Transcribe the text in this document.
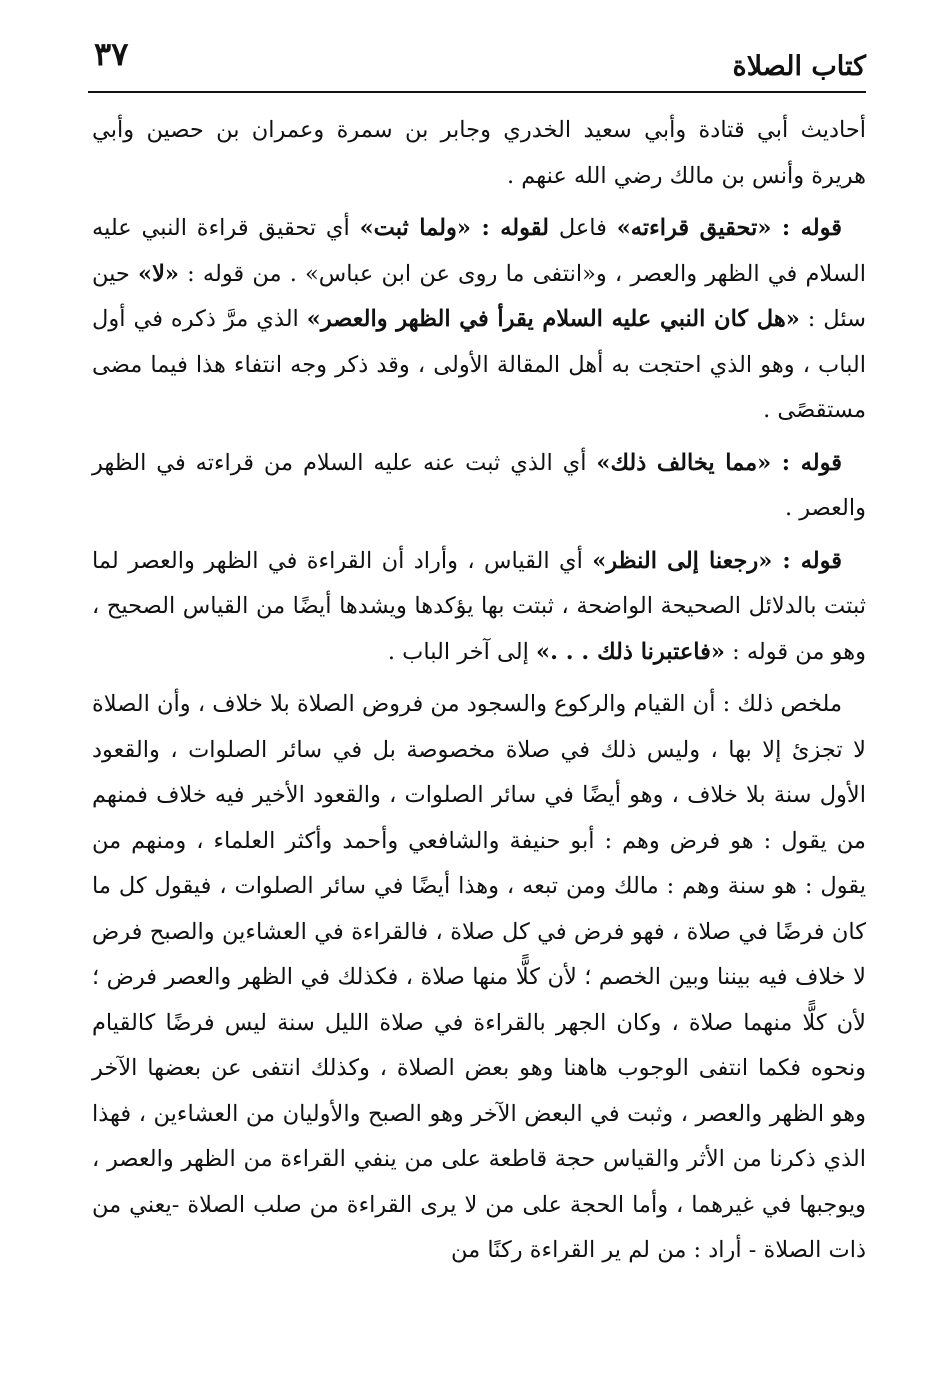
كتاب الصلاة
٣٧

أحاديث أبي قتادة وأبي سعيد الخدري وجابر بن سمرة وعمران بن حصين وأبي هريرة وأنس بن مالك رضي الله عنهم .

قوله : «تحقيق قراءته» فاعل لقوله : «ولما ثبت» أي تحقيق قراءة النبي عليه السلام في الظهر والعصر ، و«انتفى ما روى عن ابن عباس» . من قوله : «لا» حين سئل : «هل كان النبي عليه السلام يقرأ في الظهر والعصر» الذي مرَّ ذكره في أول الباب ، وهو الذي احتجت به أهل المقالة الأولى ، وقد ذكر وجه انتفاء هذا فيما مضى مستقصًى .

قوله : «مما يخالف ذلك» أي الذي ثبت عنه عليه السلام من قراءته في الظهر والعصر .

قوله : «رجعنا إلى النظر» أي القياس ، وأراد أن القراءة في الظهر والعصر لما ثبتت بالدلائل الصحيحة الواضحة ، ثبتت بها يؤكدها ويشدها أيضًا من القياس الصحيح ، وهو من قوله : «فاعتبرنا ذلك . . .» إلى آخر الباب .

ملخص ذلك : أن القيام والركوع والسجود من فروض الصلاة بلا خلاف ، وأن الصلاة لا تجزئ إلا بها ، وليس ذلك في صلاة مخصوصة بل في سائر الصلوات ، والقعود الأول سنة بلا خلاف ، وهو أيضًا في سائر الصلوات ، والقعود الأخير فيه خلاف فمنهم من يقول : هو فرض وهم : أبو حنيفة والشافعي وأحمد وأكثر العلماء ، ومنهم من يقول : هو سنة وهم : مالك ومن تبعه ، وهذا أيضًا في سائر الصلوات ، فيقول كل ما كان فرضًا في صلاة ، فهو فرض في كل صلاة ، فالقراءة في العشاءين والصبح فرض لا خلاف فيه بيننا وبين الخصم ؛ لأن كلًّا منها صلاة ، فكذلك في الظهر والعصر فرض ؛ لأن كلًّا منهما صلاة ، وكان الجهر بالقراءة في صلاة الليل سنة ليس فرضًا كالقيام ونحوه فكما انتفى الوجوب هاهنا وهو بعض الصلاة ، وكذلك انتفى عن بعضها الآخر وهو الظهر والعصر ، وثبت في البعض الآخر وهو الصبح والأوليان من العشاءين ، فهذا الذي ذكرنا من الأثر والقياس حجة قاطعة على من ينفي القراءة من الظهر والعصر ، ويوجبها في غيرهما ، وأما الحجة على من لا يرى القراءة من صلب الصلاة -يعني من ذات الصلاة - أراد : من لم ير القراءة ركنًا من
